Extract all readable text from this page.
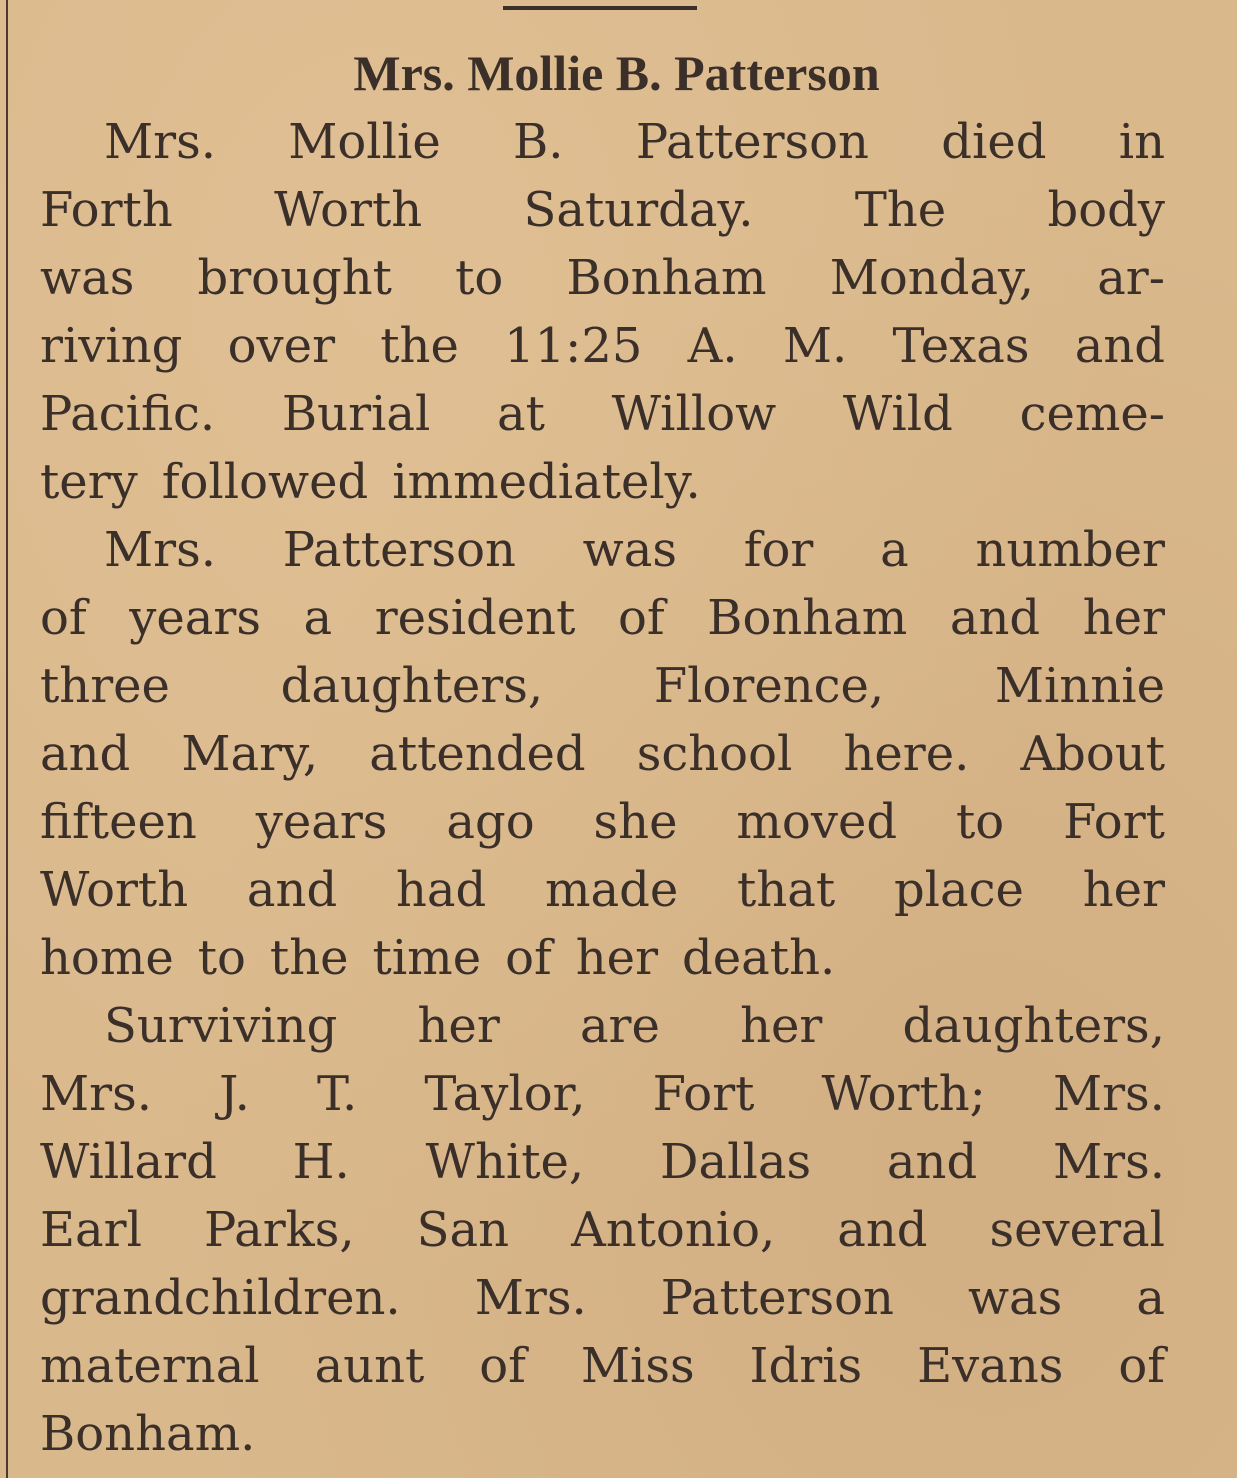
Mrs. Mollie B. Patterson
Mrs. Mollie B. Patterson died in
Forth Worth Saturday. The body
was brought to Bonham Monday, ar-
riving over the 11:25 A. M. Texas and
Pacific. Burial at Willow Wild ceme-
tery followed immediately.
Mrs. Patterson was for a number
of years a resident of Bonham and her
three daughters, Florence, Minnie
and Mary, attended school here. About
fifteen years ago she moved to Fort
Worth and had made that place her
home to the time of her death.
Surviving her are her daughters,
Mrs. J. T. Taylor, Fort Worth; Mrs.
Willard H. White, Dallas and Mrs.
Earl Parks, San Antonio, and several
grandchildren. Mrs. Patterson was a
maternal aunt of Miss Idris Evans of
Bonham.
